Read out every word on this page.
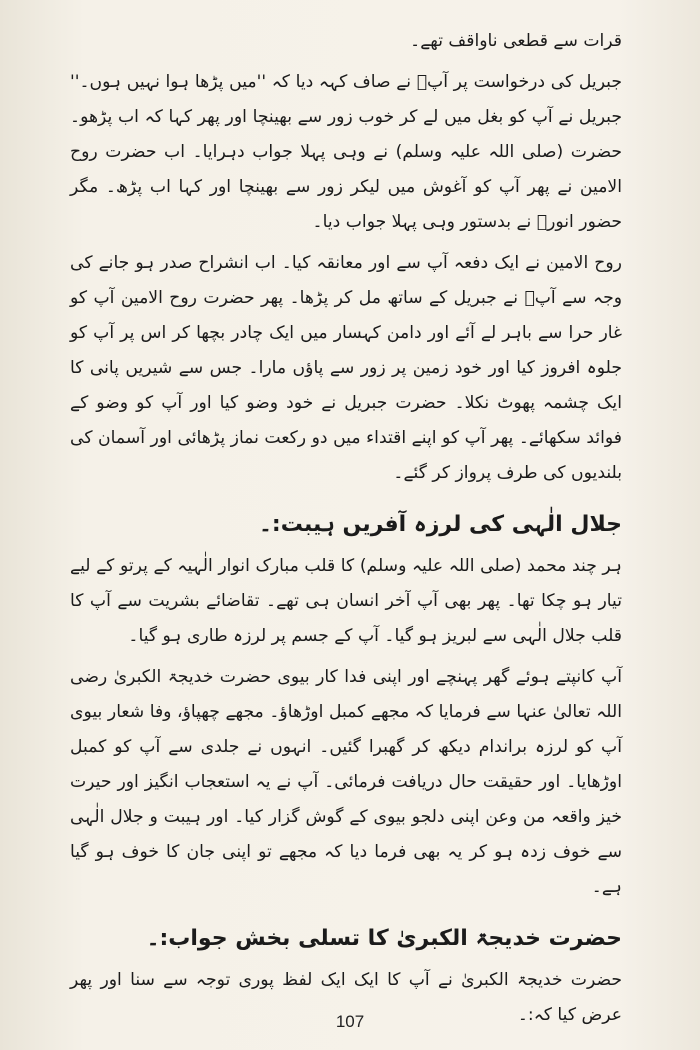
قرات سے قطعی ناواقف تھے۔

جبریل کی درخواست پر آپؐ نے صاف کہہ دیا کہ ''میں پڑھا ہوا نہیں ہوں۔'' جبریل نے آپ کو بغل میں لے کر خوب زور سے بھینچا اور پھر کہا کہ اب پڑھو۔ حضرت (صلی اللہ علیہ وسلم) نے وہی پہلا جواب دہرایا۔ اب حضرت روح الامین نے پھر آپ کو آغوش میں لیکر زور سے بھینچا اور کہا اب پڑھ۔ مگر حضور انورؐ نے بدستور وہی پہلا جواب دیا۔

روح الامین نے ایک دفعہ آپ سے اور معانقہ کیا۔ اب انشراح صدر ہو جانے کی وجہ سے آپؐ نے جبریل کے ساتھ مل کر پڑھا۔ پھر حضرت روح الامین آپ کو غار حرا سے باہر لے آئے اور دامن کہسار میں ایک چادر بچھا کر اس پر آپ کو جلوہ افروز کیا اور خود زمین پر زور سے پاؤں مارا۔ جس سے شیریں پانی کا ایک چشمہ پھوٹ نکلا۔ حضرت جبریل نے خود وضو کیا اور آپ کو وضو کے فوائد سکھائے۔ پھر آپ کو اپنے اقتداء میں دو رکعت نماز پڑھائی اور آسمان کی بلندیوں کی طرف پرواز کر گئے۔

جلال الٰہی کی لرزہ آفریں ہیبت:۔

ہر چند محمد (صلی اللہ علیہ وسلم) کا قلب مبارک انوار الٰہیہ کے پرتو کے لیے تیار ہو چکا تھا۔ پھر بھی آپ آخر انسان ہی تھے۔ تقاضائے بشریت سے آپ کا قلب جلال الٰہی سے لبریز ہو گیا۔ آپ کے جسم پر لرزہ طاری ہو گیا۔

آپ کانپتے ہوئے گھر پہنچے اور اپنی فدا کار بیوی حضرت خدیجۃ الکبریٰ رضی اللہ تعالیٰ عنہا سے فرمایا کہ مجھے کمبل اوڑھاؤ۔ مجھے چھپاؤ، وفا شعار بیوی آپ کو لرزہ براندام دیکھ کر گھبرا گئیں۔ انہوں نے جلدی سے آپ کو کمبل اوڑھایا۔ اور حقیقت حال دریافت فرمائی۔ آپ نے یہ استعجاب انگیز اور حیرت خیز واقعہ من وعن اپنی دلجو بیوی کے گوش گزار کیا۔ اور ہیبت و جلال الٰہی سے خوف زدہ ہو کر یہ بھی فرما دیا کہ مجھے تو اپنی جان کا خوف ہو گیا ہے۔

حضرت خدیجۃ الکبریٰ کا تسلی بخش جواب:۔

حضرت خدیجۃ الکبریٰ نے آپ کا ایک ایک لفظ پوری توجہ سے سنا اور پھر عرض کیا کہ:۔

107
